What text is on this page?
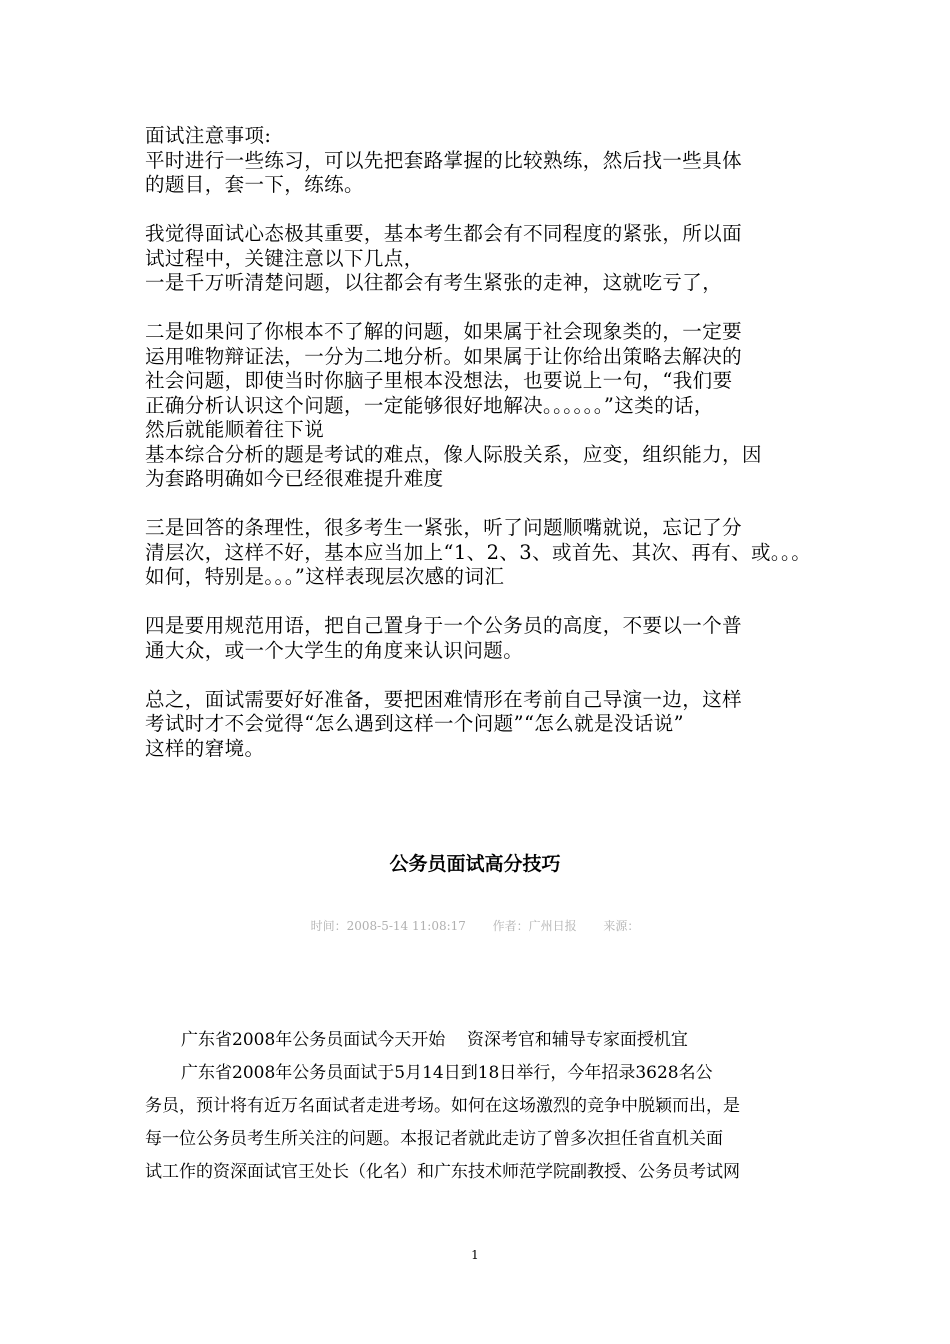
面试注意事项:

平时进行一些练习，可以先把套路掌握的比较熟练，然后找一些具体

的题目，套一下，练练。

我觉得面试心态极其重要，基本考生都会有不同程度的紧张，所以面

试过程中，关键注意以下几点，

一是千万听清楚问题，以往都会有考生紧张的走神，这就吃亏了，

二是如果问了你根本不了解的问题，如果属于社会现象类的，一定要

运用唯物辩证法，一分为二地分析。如果属于让你给出策略去解决的

社会问题，即使当时你脑子里根本没想法，也要说上一句，“我们要

正确分析认识这个问题，一定能够很好地解决。。。。。。”这类的话，

然后就能顺着往下说

基本综合分析的题是考试的难点，像人际股关系，应变，组织能力，因

为套路明确如今已经很难提升难度

三是回答的条理性，很多考生一紧张，听了问题顺嘴就说，忘记了分

清层次，这样不好，基本应当加上“1、2、3、或首先、其次、再有、或。。。

如何，特别是。。。”这样表现层次感的词汇

四是要用规范用语，把自己置身于一个公务员的高度，不要以一个普

通大众，或一个大学生的角度来认识问题。

总之，面试需要好好准备，要把困难情形在考前自己导演一边，这样

考试时才不会觉得“怎么遇到这样一个问题”“怎么就是没话说”

这样的窘境。

公务员面试高分技巧
时间：2008-5-14 11:08:17 作者：广州日报 来源：

广东省2008年公务员面试今天开始    资深考官和辅导专家面授机宜

广东省2008年公务员面试于5月14日到18日举行，今年招录3628名公

务员，预计将有近万名面试者走进考场。如何在这场激烈的竞争中脱颖而出，是

每一位公务员考生所关注的问题。本报记者就此走访了曾多次担任省直机关面

试工作的资深面试官王处长（化名）和广东技术师范学院副教授、公务员考试网

1
